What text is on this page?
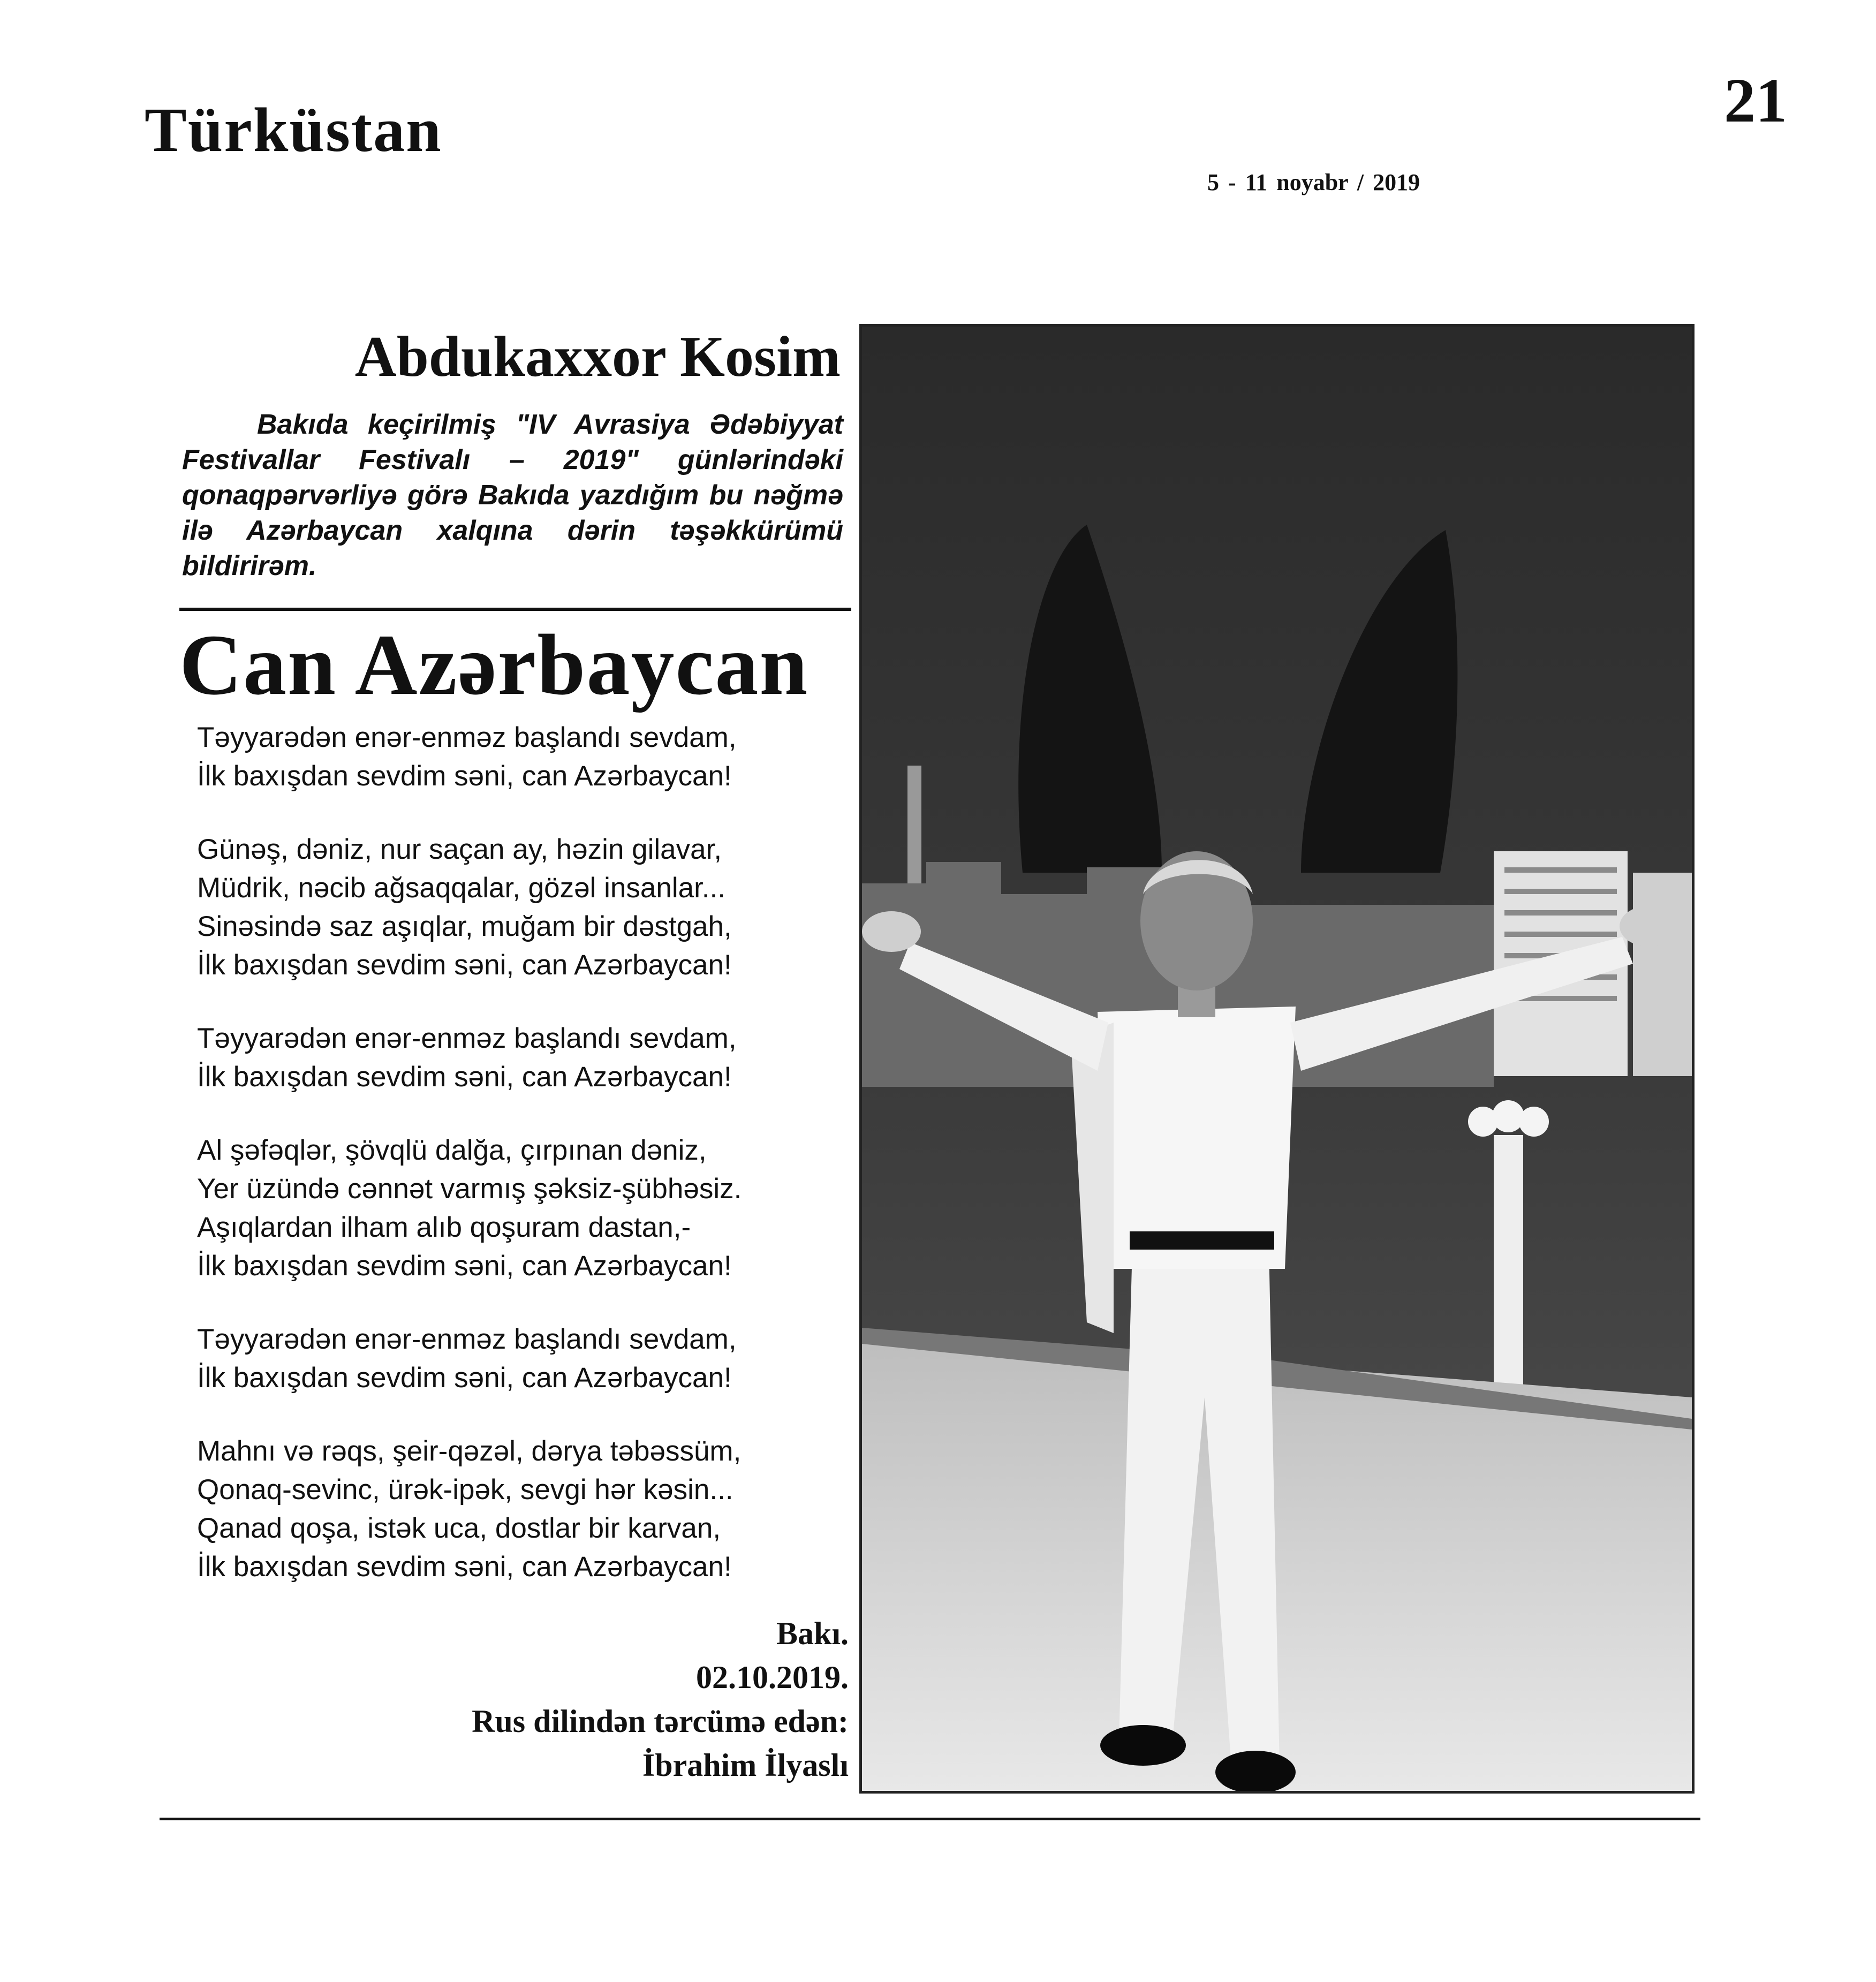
Türküstan	21
5 - 11 noyabr / 2019
Abdukaxxor Kosim
Bakıda keçirilmiş "IV Avrasiya Ədəbiyyat Festivallar Festivalı – 2019" günlərindəki qonaqpərvərliyə görə Bakıda yazdığım bu nəğmə ilə Azərbaycan xalqına dərin təşəkkürümü bildirirəm.
Can Azərbaycan
Təyyarədən enər-enməz başlandı sevdam,
İlk baxışdan sevdim səni, can Azərbaycan!
Günəş, dəniz, nur saçan ay, həzin gilavar,
Müdrik, nəcib ağsaqqalar, gözəl insanlar...
Sinəsində saz aşıqlar, muğam bir dəstgah,
İlk baxışdan sevdim səni, can Azərbaycan!
Təyyarədən enər-enməz başlandı sevdam,
İlk baxışdan sevdim səni, can Azərbaycan!
Al şəfəqlər, şövqlü dalğa, çırpınan dəniz,
Yer üzündə cənnət varmış şəksiz-şübhəsiz.
Aşıqlardan ilham alıb qoşuram dastan,-
İlk baxışdan sevdim səni, can Azərbaycan!
Təyyarədən enər-enməz başlandı sevdam,
İlk baxışdan sevdim səni, can Azərbaycan!
Mahnı və rəqs, şeir-qəzəl, dərya təbəssüm,
Qonaq-sevinc, ürək-ipək, sevgi hər kəsin...
Qanad qoşa, istək uca, dostlar bir karvan,
İlk baxışdan sevdim səni, can Azərbaycan!
Bakı.
02.10.2019.
Rus dilindən tərcümə edən:
İbrahim İlyaslı
